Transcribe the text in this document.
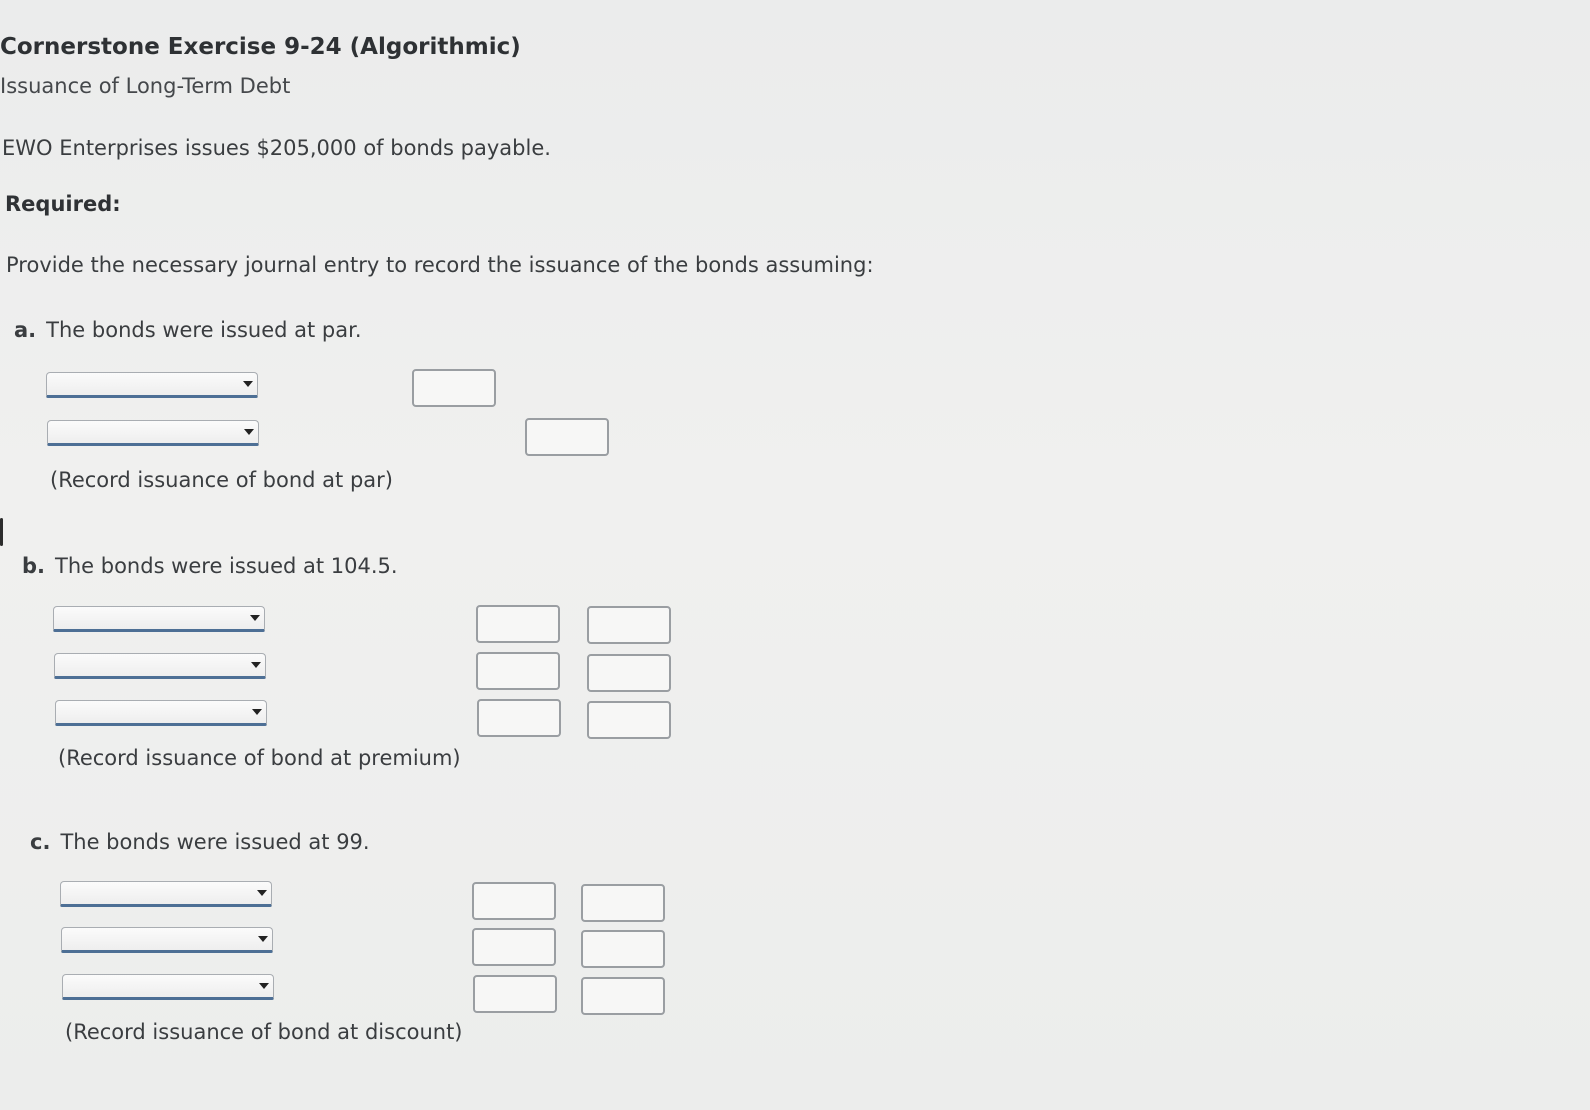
Cornerstone Exercise 9-24 (Algorithmic)
Issuance of Long-Term Debt
EWO Enterprises issues $205,000 of bonds payable.
Required:
Provide the necessary journal entry to record the issuance of the bonds assuming:
a. The bonds were issued at par.
(Record issuance of bond at par)
b. The bonds were issued at 104.5.
(Record issuance of bond at premium)
c. The bonds were issued at 99.
(Record issuance of bond at discount)
